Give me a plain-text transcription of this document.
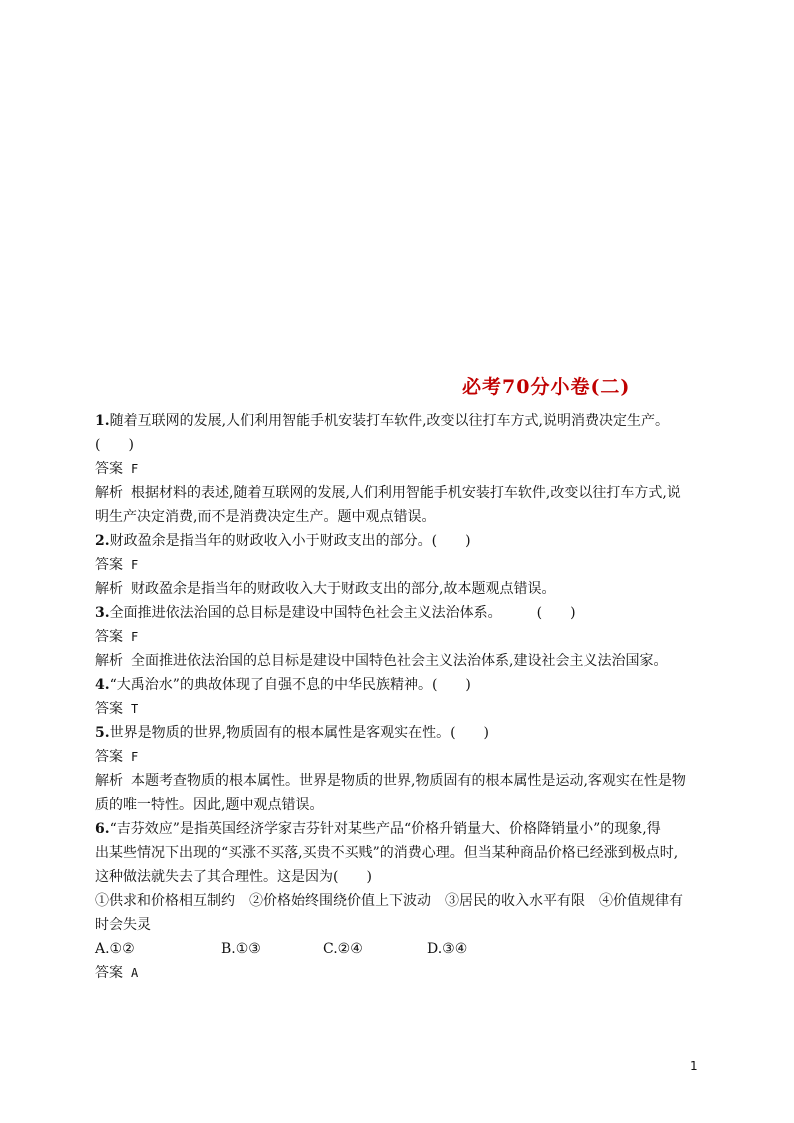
必考70分小卷(二)

1.随着互联网的发展,人们利用智能手机安装打车软件,改变以往打车方式,说明消费决定生产。

(　　)

答案 F

解析 根据材料的表述,随着互联网的发展,人们利用智能手机安装打车软件,改变以往打车方式,说

明生产决定消费,而不是消费决定生产。题中观点错误。

2.财政盈余是指当年的财政收入小于财政支出的部分。(　　)

答案 F

解析 财政盈余是指当年的财政收入大于财政支出的部分,故本题观点错误。

3.全面推进依法治国的总目标是建设中国特色社会主义法治体系。　　　(　　)

答案 F

解析 全面推进依法治国的总目标是建设中国特色社会主义法治体系,建设社会主义法治国家。

4.“大禹治水”的典故体现了自强不息的中华民族精神。(　　)

答案 T

5.世界是物质的世界,物质固有的根本属性是客观实在性。(　　)

答案 F

解析 本题考查物质的根本属性。世界是物质的世界,物质固有的根本属性是运动,客观实在性是物

质的唯一特性。因此,题中观点错误。

6.“吉芬效应”是指英国经济学家吉芬针对某些产品“价格升销量大、价格降销量小”的现象,得

出某些情况下出现的“买涨不买落,买贵不买贱”的消费心理。但当某种商品价格已经涨到极点时,

这种做法就失去了其合理性。这是因为(　　)

①供求和价格相互制约　②价格始终围绕价值上下波动　③居民的收入水平有限　④价值规律有

时会失灵

A.①②	B.①③	C.②④	D.③④

答案 A

1
